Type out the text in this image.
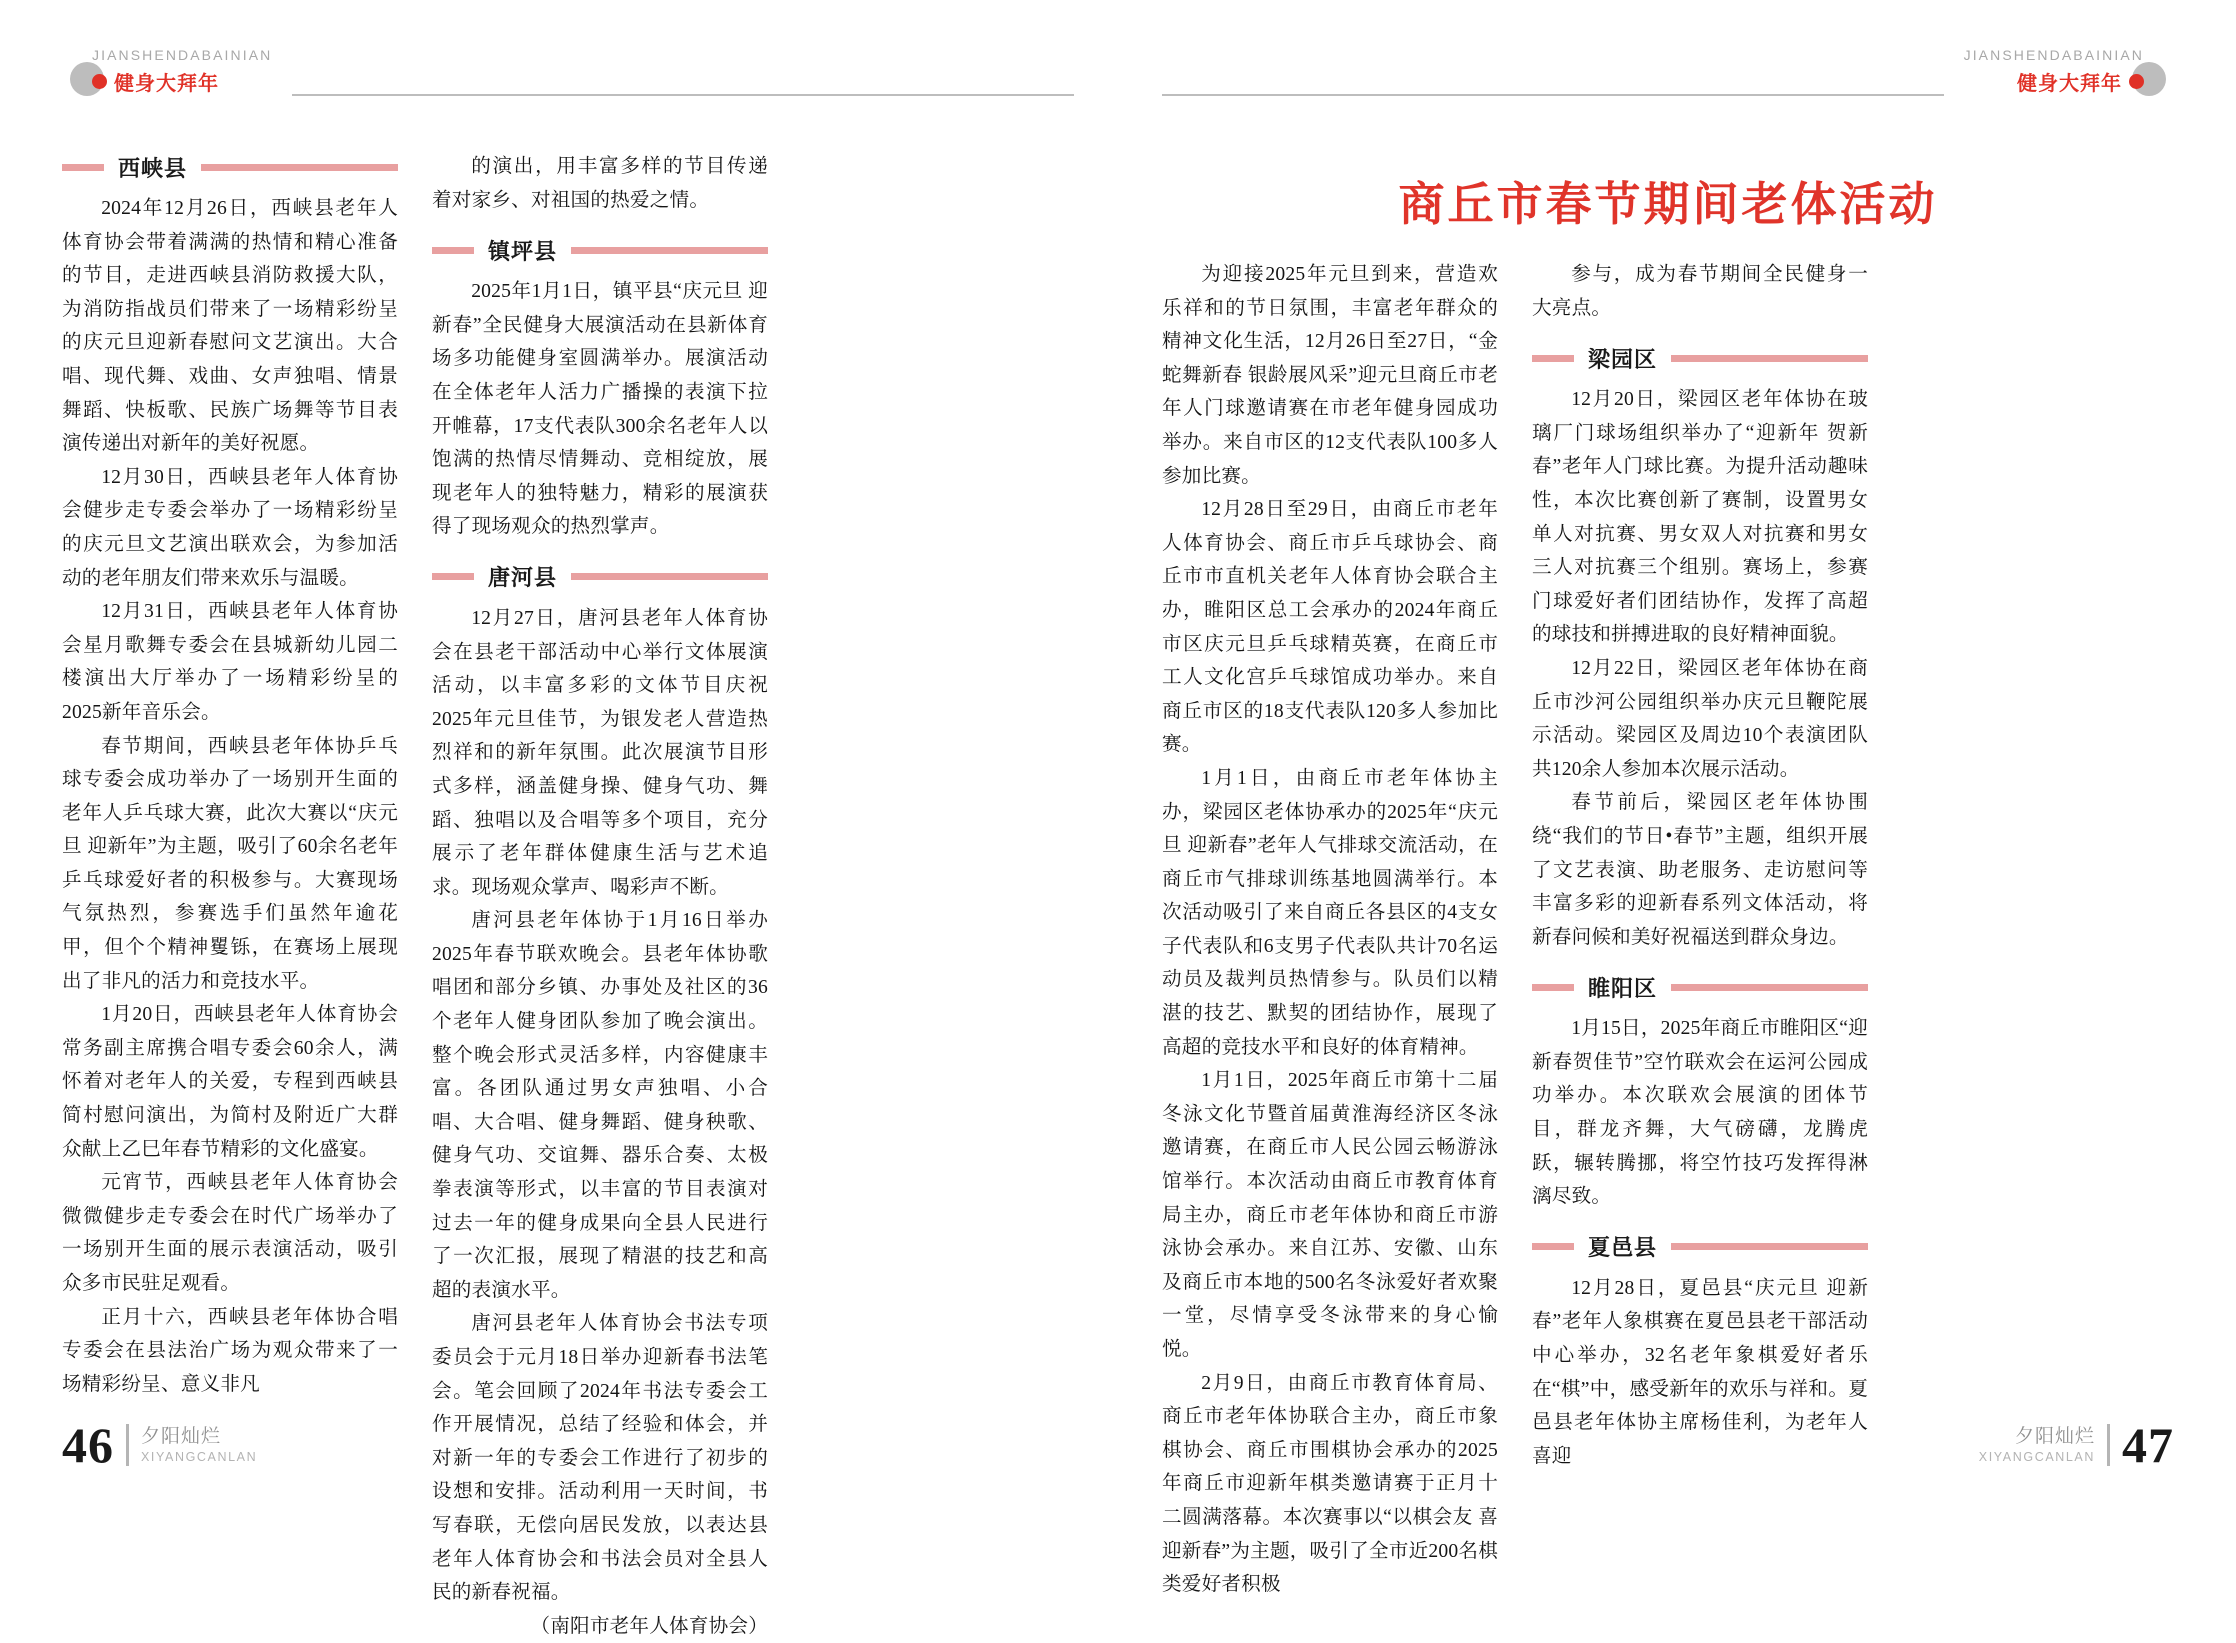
JIANSHENDABAINIAN
健身大拜年
西峡县

2024年12月26日，西峡县老年人体育协会带着满满的热情和精心准备的节目，走进西峡县消防救援大队，为消防指战员们带来了一场精彩纷呈的庆元旦迎新春慰问文艺演出。大合唱、现代舞、戏曲、女声独唱、情景舞蹈、快板歌、民族广场舞等节目表演传递出对新年的美好祝愿。

12月30日，西峡县老年人体育协会健步走专委会举办了一场精彩纷呈的庆元旦文艺演出联欢会，为参加活动的老年朋友们带来欢乐与温暖。

12月31日，西峡县老年人体育协会星月歌舞专委会在县城新幼儿园二楼演出大厅举办了一场精彩纷呈的2025新年音乐会。

春节期间，西峡县老年体协乒乓球专委会成功举办了一场别开生面的老年人乒乓球大赛，此次大赛以“庆元旦 迎新年”为主题，吸引了60余名老年乒乓球爱好者的积极参与。大赛现场气氛热烈，参赛选手们虽然年逾花甲，但个个精神矍铄，在赛场上展现出了非凡的活力和竞技水平。

1月20日，西峡县老年人体育协会常务副主席携合唱专委会60余人，满怀着对老年人的关爱，专程到西峡县简村慰问演出，为简村及附近广大群众献上乙巳年春节精彩的文化盛宴。

元宵节，西峡县老年人体育协会微微健步走专委会在时代广场举办了一场别开生面的展示表演活动，吸引众多市民驻足观看。

正月十六，西峡县老年体协合唱专委会在县法治广场为观众带来了一场精彩纷呈、意义非凡

的演出，用丰富多样的节目传递着对家乡、对祖国的热爱之情。

镇坪县

2025年1月1日，镇平县“庆元旦 迎新春”全民健身大展演活动在县新体育场多功能健身室圆满举办。展演活动在全体老年人活力广播操的表演下拉开帷幕，17支代表队300余名老年人以饱满的热情尽情舞动、竞相绽放，展现老年人的独特魅力，精彩的展演获得了现场观众的热烈掌声。

唐河县

12月27日，唐河县老年人体育协会在县老干部活动中心举行文体展演活动，以丰富多彩的文体节目庆祝2025年元旦佳节，为银发老人营造热烈祥和的新年氛围。此次展演节目形式多样，涵盖健身操、健身气功、舞蹈、独唱以及合唱等多个项目，充分展示了老年群体健康生活与艺术追求。现场观众掌声、喝彩声不断。

唐河县老年体协于1月16日举办2025年春节联欢晚会。县老年体协歌唱团和部分乡镇、办事处及社区的36个老年人健身团队参加了晚会演出。整个晚会形式灵活多样，内容健康丰富。各团队通过男女声独唱、小合唱、大合唱、健身舞蹈、健身秧歌、健身气功、交谊舞、器乐合奏、太极拳表演等形式，以丰富的节目表演对过去一年的健身成果向全县人民进行了一次汇报，展现了精湛的技艺和高超的表演水平。

唐河县老年人体育协会书法专项委员会于元月18日举办迎新春书法笔会。笔会回顾了2024年书法专委会工作开展情况，总结了经验和体会，并对新一年的专委会工作进行了初步的设想和安排。活动利用一天时间，书写春联，无偿向居民发放，以表达县老年人体育协会和书法会员对全县人民的新春祝福。

（南阳市老年人体育协会）

46 夕阳灿烂
XIYANGCANLAN
JIANSHENDABAINIAN
健身大拜年
商丘市春节期间老体活动

为迎接2025年元旦到来，营造欢乐祥和的节日氛围，丰富老年群众的精神文化生活，12月26日至27日，“金蛇舞新春 银龄展风采”迎元旦商丘市老年人门球邀请赛在市老年健身园成功举办。来自市区的12支代表队100多人参加比赛。

12月28日至29日，由商丘市老年人体育协会、商丘市乒乓球协会、商丘市市直机关老年人体育协会联合主办，睢阳区总工会承办的2024年商丘市区庆元旦乒乓球精英赛，在商丘市工人文化宫乒乓球馆成功举办。来自商丘市区的18支代表队120多人参加比赛。

1月1日，由商丘市老年体协主办，梁园区老体协承办的2025年“庆元旦 迎新春”老年人气排球交流活动，在商丘市气排球训练基地圆满举行。本次活动吸引了来自商丘各县区的4支女子代表队和6支男子代表队共计70名运动员及裁判员热情参与。队员们以精湛的技艺、默契的团结协作，展现了高超的竞技水平和良好的体育精神。

1月1日，2025年商丘市第十二届冬泳文化节暨首届黄淮海经济区冬泳邀请赛，在商丘市人民公园云畅游泳馆举行。本次活动由商丘市教育体育局主办，商丘市老年体协和商丘市游泳协会承办。来自江苏、安徽、山东及商丘市本地的500名冬泳爱好者欢聚一堂，尽情享受冬泳带来的身心愉悦。

2月9日，由商丘市教育体育局、商丘市老年体协联合主办，商丘市象棋协会、商丘市围棋协会承办的2025年商丘市迎新年棋类邀请赛于正月十二圆满落幕。本次赛事以“以棋会友 喜迎新春”为主题，吸引了全市近200名棋类爱好者积极

参与，成为春节期间全民健身一大亮点。

梁园区

12月20日，梁园区老年体协在玻璃厂门球场组织举办了“迎新年 贺新春”老年人门球比赛。为提升活动趣味性，本次比赛创新了赛制，设置男女单人对抗赛、男女双人对抗赛和男女三人对抗赛三个组别。赛场上，参赛门球爱好者们团结协作，发挥了高超的球技和拼搏进取的良好精神面貌。

12月22日，梁园区老年体协在商丘市沙河公园组织举办庆元旦鞭陀展示活动。梁园区及周边10个表演团队共120余人参加本次展示活动。

春节前后，梁园区老年体协围绕“我们的节日•春节”主题，组织开展了文艺表演、助老服务、走访慰问等丰富多彩的迎新春系列文体活动，将新春问候和美好祝福送到群众身边。

睢阳区

1月15日，2025年商丘市睢阳区“迎新春贺佳节”空竹联欢会在运河公园成功举办。本次联欢会展演的团体节目，群龙齐舞，大气磅礴，龙腾虎跃，辗转腾挪，将空竹技巧发挥得淋漓尽致。

夏邑县

12月28日，夏邑县“庆元旦 迎新春”老年人象棋赛在夏邑县老干部活动中心举办，32名老年象棋爱好者乐在“棋”中，感受新年的欢乐与祥和。夏邑县老年体协主席杨佳利，为老年人喜迎

夕阳灿烂
XIYANGCANLAN 47
